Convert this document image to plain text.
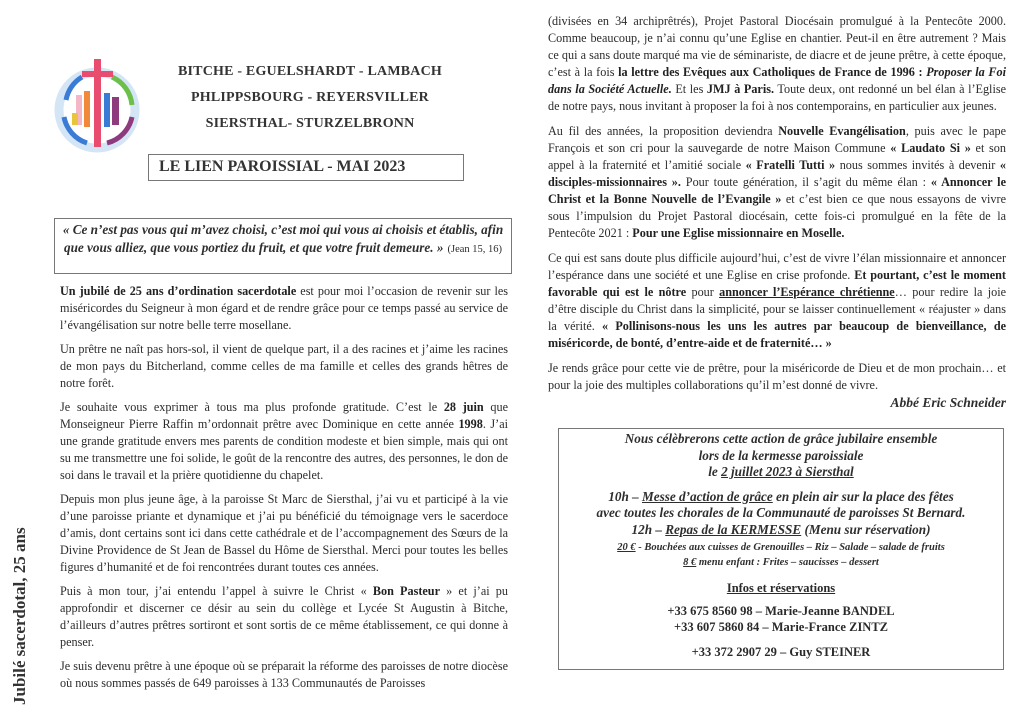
BITCHE - EGUELSHARDT - LAMBACH
PHLIPPSBOURG - REYERSVILLER
SIERSTHAL- STURZELBRONN
LE LIEN PAROISSIAL - MAI 2023
« Ce n’est pas vous qui m’avez choisi, c’est moi qui vous ai choisis et établis, afin que vous alliez, que vous portiez du fruit, et que votre fruit demeure. » (Jean 15, 16)
Jubilé sacerdotal, 25 ans

Un jubilé de 25 ans d’ordination sacerdotale est pour moi l’occasion de revenir sur les miséricordes du Seigneur à mon égard et de rendre grâce pour ce temps passé au service de l’évangélisation sur notre belle terre mosellane.

Un prêtre ne naît pas hors-sol, il vient de quelque part, il a des racines et j’aime les racines de mon pays du Bitcherland, comme celles de ma famille et celles des grands hêtres de notre forêt.

Je souhaite vous exprimer à tous ma plus profonde gratitude. C’est le 28 juin que Monseigneur Pierre Raffin m’ordonnait prêtre avec Dominique en cette année 1998. J’ai une grande gratitude envers mes parents de condition modeste et bien simple, mais qui ont su me transmettre une foi solide, le goût de la rencontre des autres, des personnes, le don de soi dans le travail et la prière quotidienne du chapelet.

Depuis mon plus jeune âge, à la paroisse St Marc de Siersthal, j’ai vu et participé à la vie d’une paroisse priante et dynamique et j’ai pu bénéficié du témoignage vers le sacerdoce d’amis, dont certains sont ici dans cette cathédrale et de l’accompagnement des Sœurs de la Divine Providence de St Jean de Bassel du Hôme de Siersthal. Merci pour toutes les belles figures d’humanité et de foi rencontrées durant toutes ces années.

Puis à mon tour, j’ai entendu l’appel à suivre le Christ « Bon Pasteur » et j’ai pu approfondir et discerner ce désir au sein du collège et Lycée St Augustin à Bitche, d’ailleurs d’autres prêtres sortiront et sont sortis de ce même établissement, ce qui donne à penser.

Je suis devenu prêtre à une époque où se préparait la réforme des paroisses de notre diocèse où nous sommes passés de 649 paroisses à 133 Communautés de Paroisses

(divisées en 34 archiprêtrés), Projet Pastoral Diocésain promulgué à la Pentecôte 2000. Comme beaucoup, je n’ai connu qu’une Eglise en chantier. Peut-il en être autrement ? Mais ce qui a sans doute marqué ma vie de séminariste, de diacre et de jeune prêtre, à cette époque, c’est à la fois la lettre des Evêques aux Catholiques de France de 1996 : Proposer la Foi dans la Société Actuelle. Et les JMJ à Paris. Toute deux, ont redonné un bel élan à l’Eglise de notre pays, nous invitant à proposer la foi à nos contemporains, en particulier aux jeunes.

Au fil des années, la proposition deviendra Nouvelle Evangélisation, puis avec le pape François et son cri pour la sauvegarde de notre Maison Commune « Laudato Si » et son appel à la fraternité et l’amitié sociale « Fratelli Tutti » nous sommes invités à devenir « disciples-missionnaires ». Pour toute génération, il s’agit du même élan : « Annoncer le Christ et la Bonne Nouvelle de l’Evangile » et c’est bien ce que nous essayons de vivre sous l’impulsion du Projet Pastoral diocésain, cette fois-ci promulgué en la fête de la Pentecôte 2021 : Pour une Eglise missionnaire en Moselle.

Ce qui est sans doute plus difficile aujourd’hui, c’est de vivre l’élan missionnaire et annoncer l’espérance dans une société et une Eglise en crise profonde. Et pourtant, c’est le moment favorable qui est le nôtre pour annoncer l’Espérance chrétienne… pour redire la joie d’être disciple du Christ dans la simplicité, pour se laisser continuellement « réajuster » dans la vérité. « Pollinisons-nous les uns les autres par beaucoup de bienveillance, de miséricorde, de bonté, d’entre-aide et de fraternité… »

Je rends grâce pour cette vie de prêtre, pour la miséricorde de Dieu et de mon prochain… et pour la joie des multiples collaborations qu’il m’est donné de vivre.

Abbé Eric Schneider
Nous célèbrerons cette action de grâce jubilaire ensemble
lors de la kermesse paroissiale
le 2 juillet 2023 à Siersthal
10h – Messe d’action de grâce en plein air sur la place des fêtes
avec toutes les chorales de la Communauté de paroisses St Bernard.
12h – Repas de la KERMESSE (Menu sur réservation)
20 € - Bouchées aux cuisses de Grenouilles – Riz – Salade – salade de fruits
8 € menu enfant : Frites – saucisses – dessert
Infos et réservations
+33 675 8560 98 – Marie-Jeanne BANDEL
+33 607 5860 84 – Marie-France ZINTZ
+33 372 2907 29 – Guy STEINER
